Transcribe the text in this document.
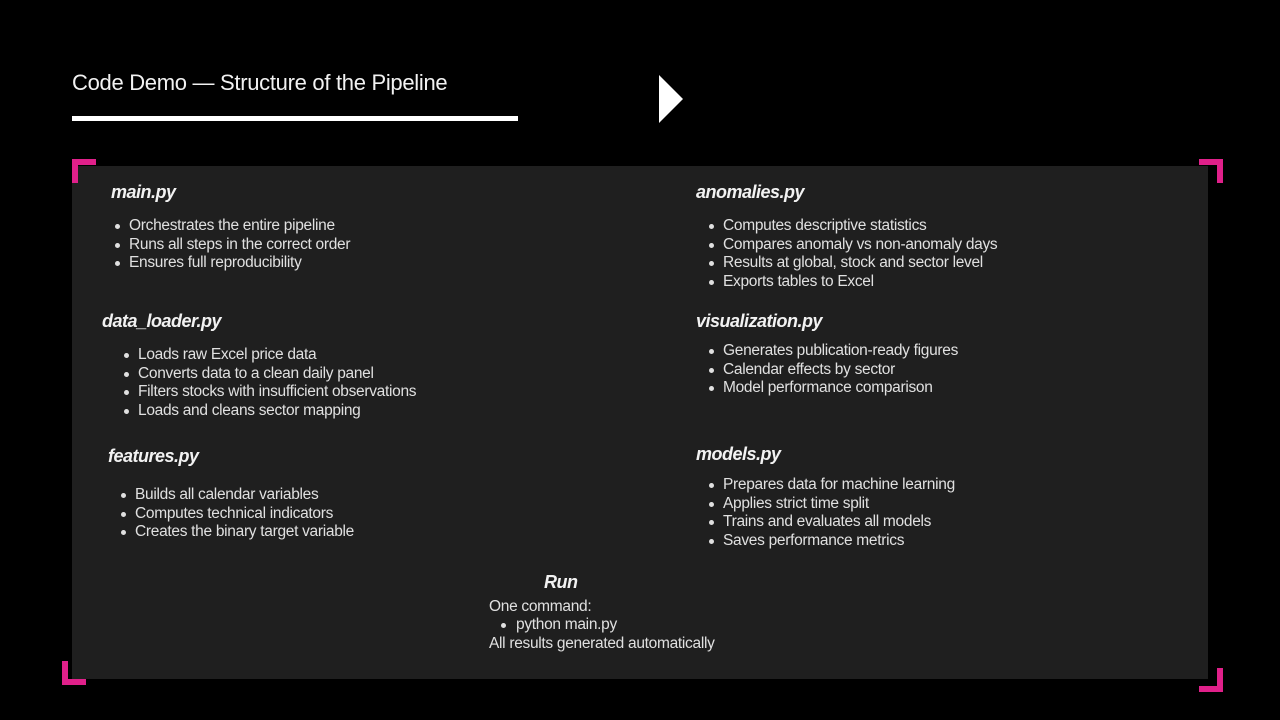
Code Demo — Structure of the Pipeline
main.py
Orchestrates the entire pipeline
Runs all steps in the correct order
Ensures full reproducibility
data_loader.py
Loads raw Excel price data
Converts data to a clean daily panel
Filters stocks with insufficient observations
Loads and cleans sector mapping
features.py
Builds all calendar variables
Computes technical indicators
Creates the binary target variable
anomalies.py
Computes descriptive statistics
Compares anomaly vs non-anomaly days
Results at global, stock and sector level
Exports tables to Excel
visualization.py
Generates publication-ready figures
Calendar effects by sector
Model performance comparison
models.py
Prepares data for machine learning
Applies strict time split
Trains and evaluates all models
Saves performance metrics
Run
One command:
python main.py
All results generated automatically
